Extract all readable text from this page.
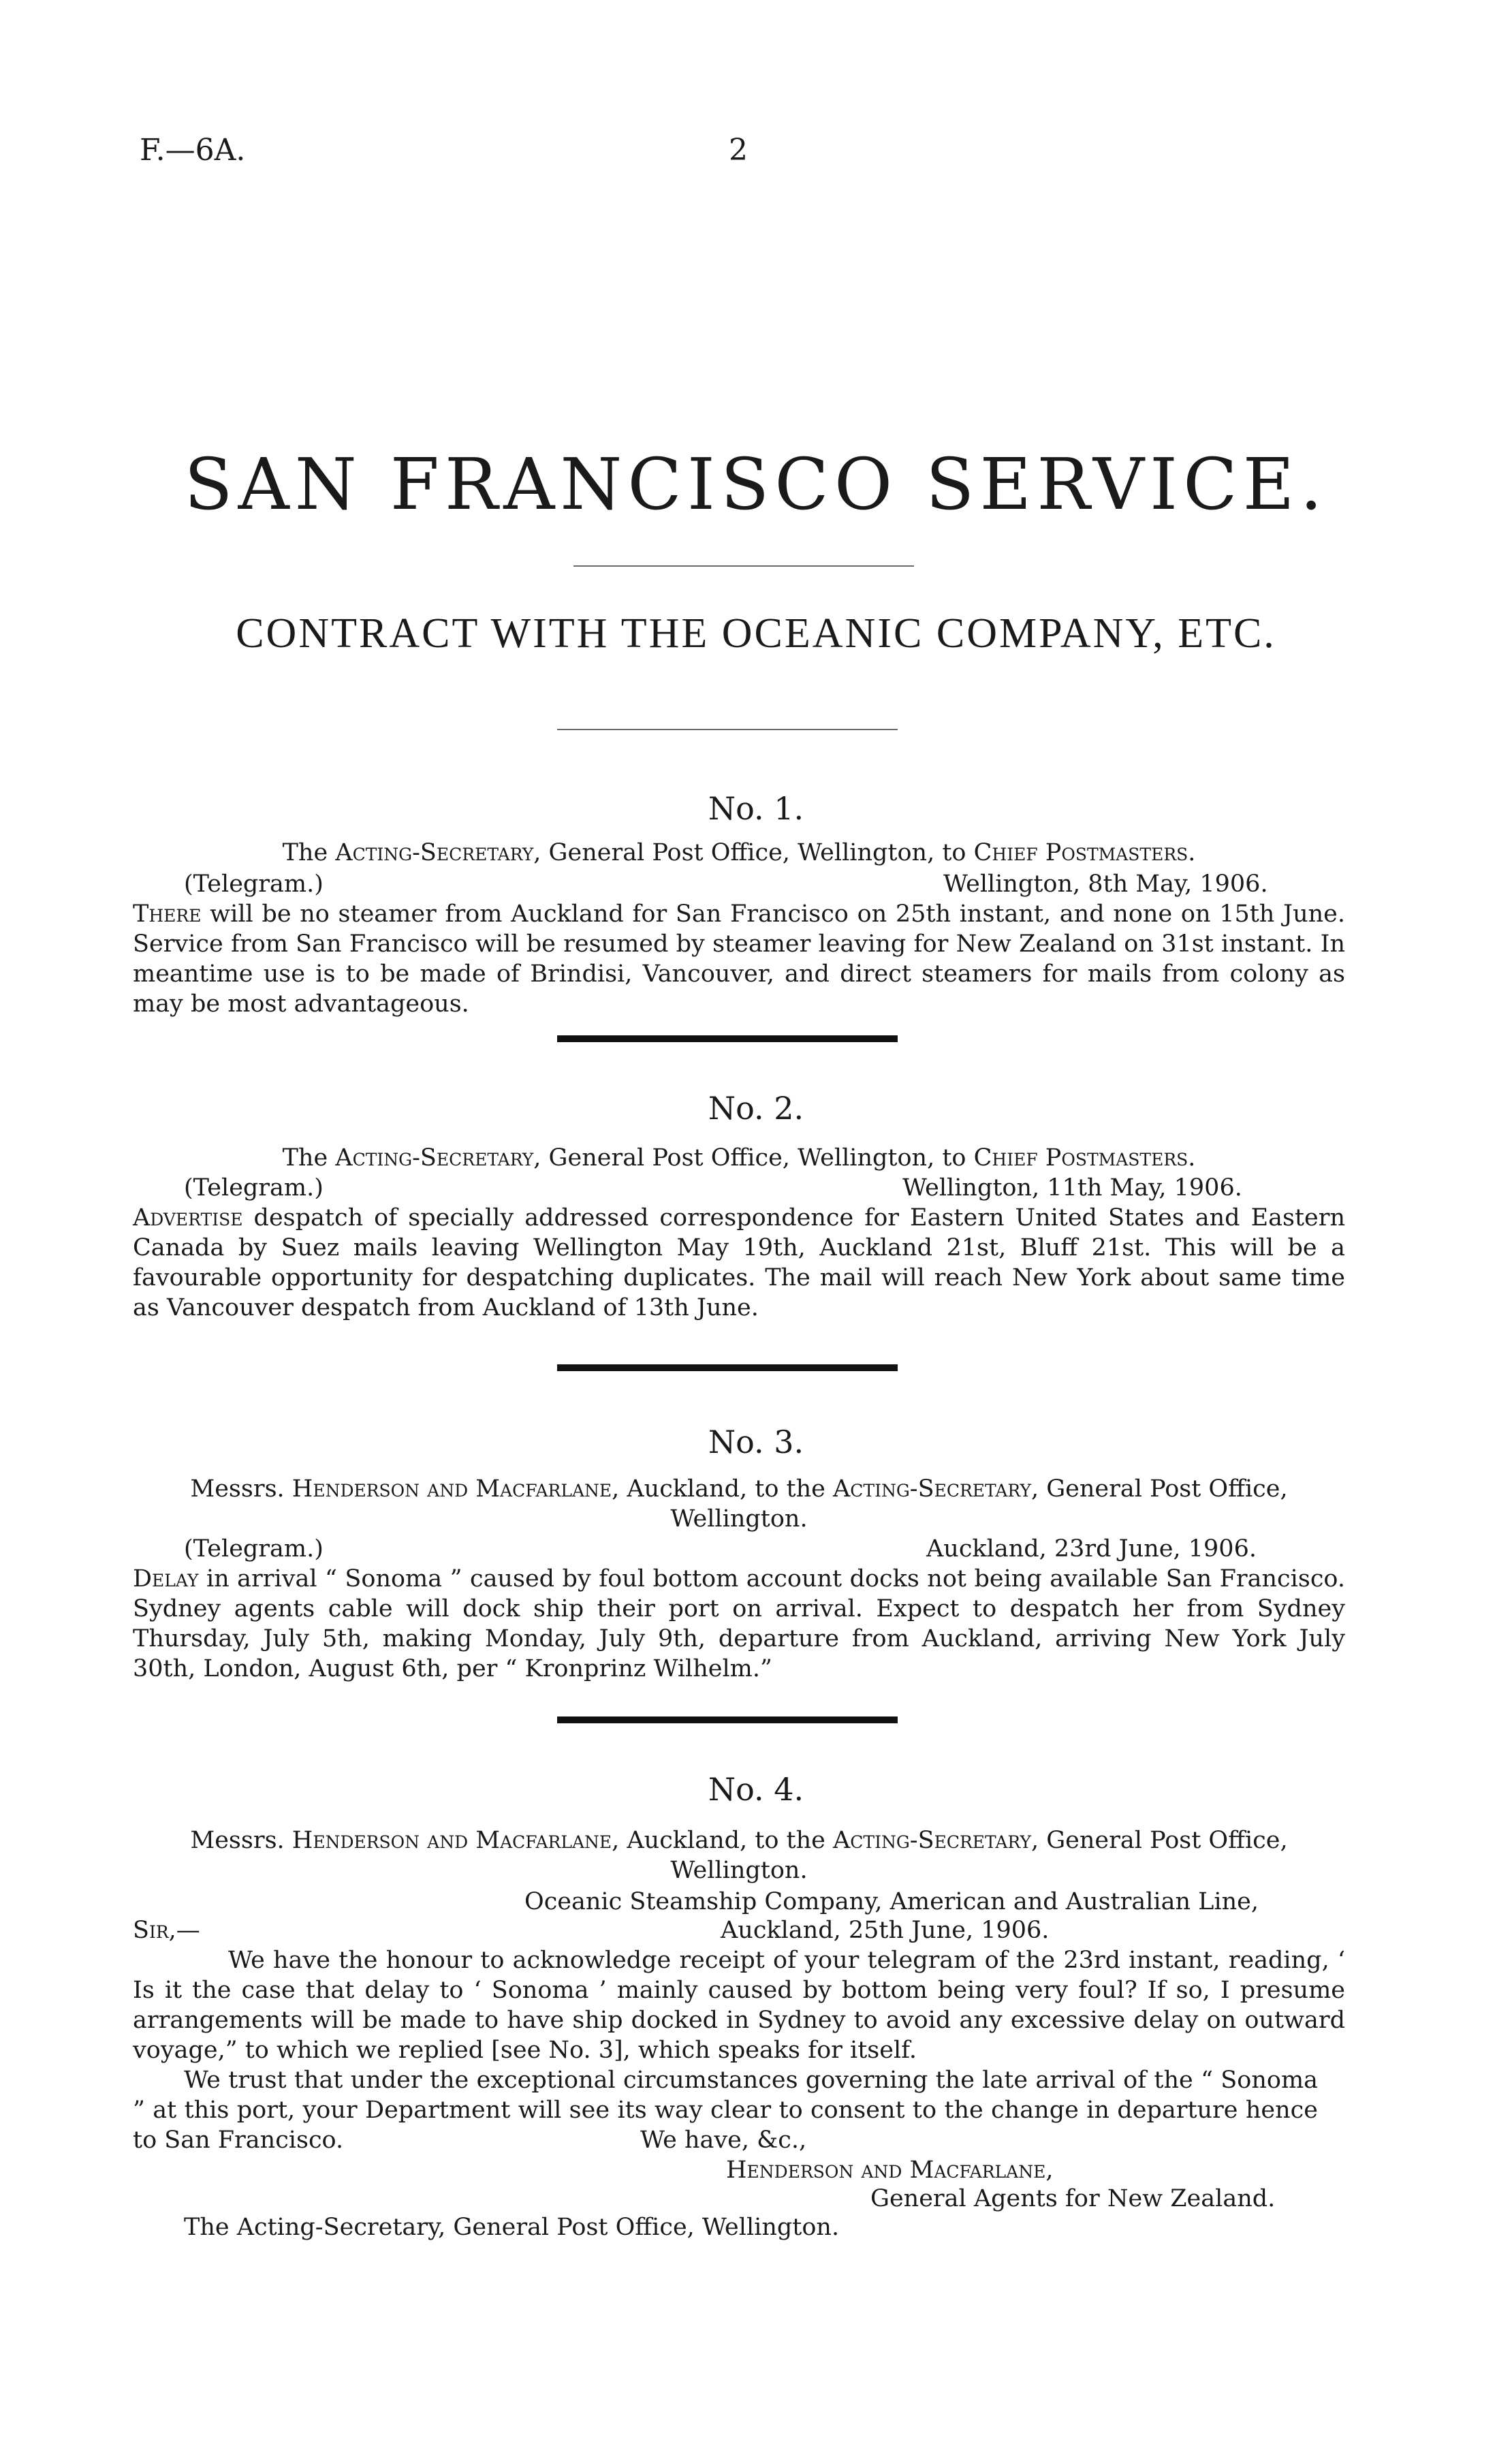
F.—6A.	2
SAN FRANCISCO SERVICE.
CONTRACT WITH THE OCEANIC COMPANY, ETC.
No. 1.
The Acting-Secretary, General Post Office, Wellington, to Chief Postmasters.
(Telegram.)	Wellington, 8th May, 1906.
There will be no steamer from Auckland for San Francisco on 25th instant, and none on 15th June. Service from San Francisco will be resumed by steamer leaving for New Zealand on 31st instant. In meantime use is to be made of Brindisi, Vancouver, and direct steamers for mails from colony as may be most advantageous.
No. 2.
The Acting-Secretary, General Post Office, Wellington, to Chief Postmasters.
(Telegram.)	Wellington, 11th May, 1906.
Advertise despatch of specially addressed correspondence for Eastern United States and Eastern Canada by Suez mails leaving Wellington May 19th, Auckland 21st, Bluff 21st. This will be a favourable opportunity for despatching duplicates. The mail will reach New York about same time as Vancouver despatch from Auckland of 13th June.
No. 3.
Messrs. Henderson and Macfarlane, Auckland, to the Acting-Secretary, General Post Office, Wellington.
(Telegram.)	Auckland, 23rd June, 1906.
Delay in arrival “ Sonoma ” caused by foul bottom account docks not being available San Francisco. Sydney agents cable will dock ship their port on arrival. Expect to despatch her from Sydney Thursday, July 5th, making Monday, July 9th, departure from Auckland, arriving New York July 30th, London, August 6th, per “ Kronprinz Wilhelm.”
No. 4.
Messrs. Henderson and Macfarlane, Auckland, to the Acting-Secretary, General Post Office, Wellington.
Oceanic Steamship Company, American and Australian Line,
Sir,—	Auckland, 25th June, 1906.
We have the honour to acknowledge receipt of your telegram of the 23rd instant, reading, ‘ Is it the case that delay to ‘ Sonoma ’ mainly caused by bottom being very foul? If so, I presume arrangements will be made to have ship docked in Sydney to avoid any excessive delay on outward voyage,” to which we replied [see No. 3], which speaks for itself.
We trust that under the exceptional circumstances governing the late arrival of the “ Sonoma ” at this port, your Department will see its way clear to consent to the change in departure hence to San Francisco.	We have, &c.,
Henderson and Macfarlane,
General Agents for New Zealand.
The Acting-Secretary, General Post Office, Wellington.
